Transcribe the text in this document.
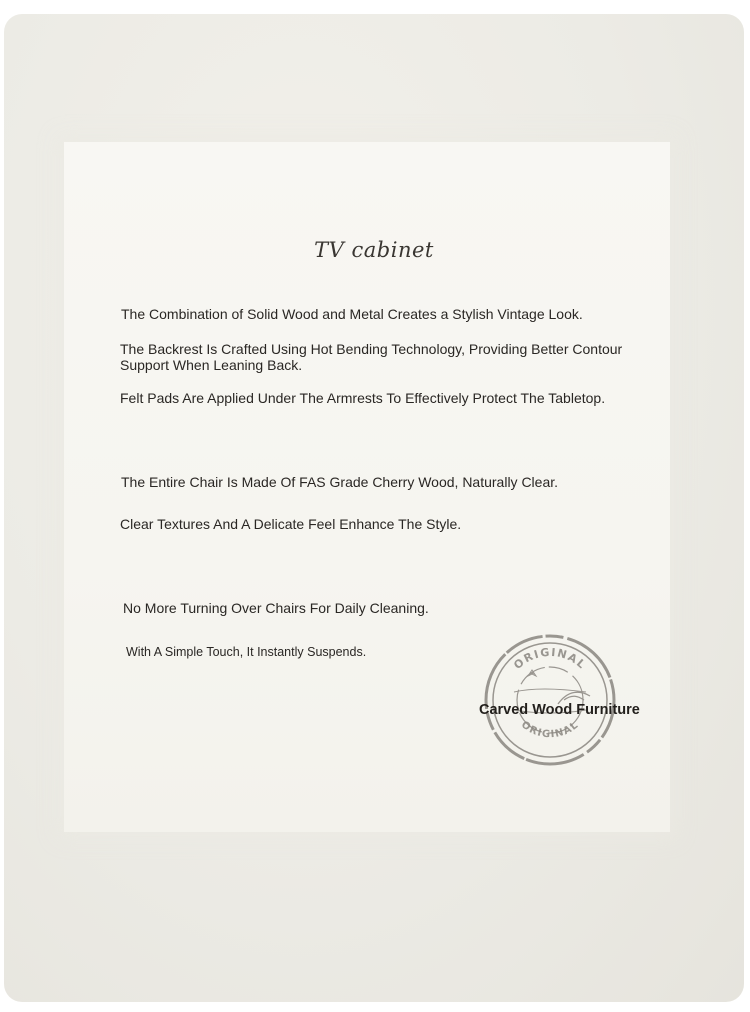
TV cabinet
The Combination of Solid Wood and Metal Creates a Stylish Vintage Look.
The Backrest Is Crafted Using Hot Bending Technology, Providing Better Contour Support When Leaning Back.
Felt Pads Are Applied Under The Armrests To Effectively Protect The Tabletop.
The Entire Chair Is Made Of FAS Grade Cherry Wood, Naturally Clear.
Clear Textures And A Delicate Feel Enhance The Style.
No More Turning Over Chairs For Daily Cleaning.
With A Simple Touch, It Instantly Suspends.
ORIGINAL
ORIGINAL
Carved Wood Furniture
